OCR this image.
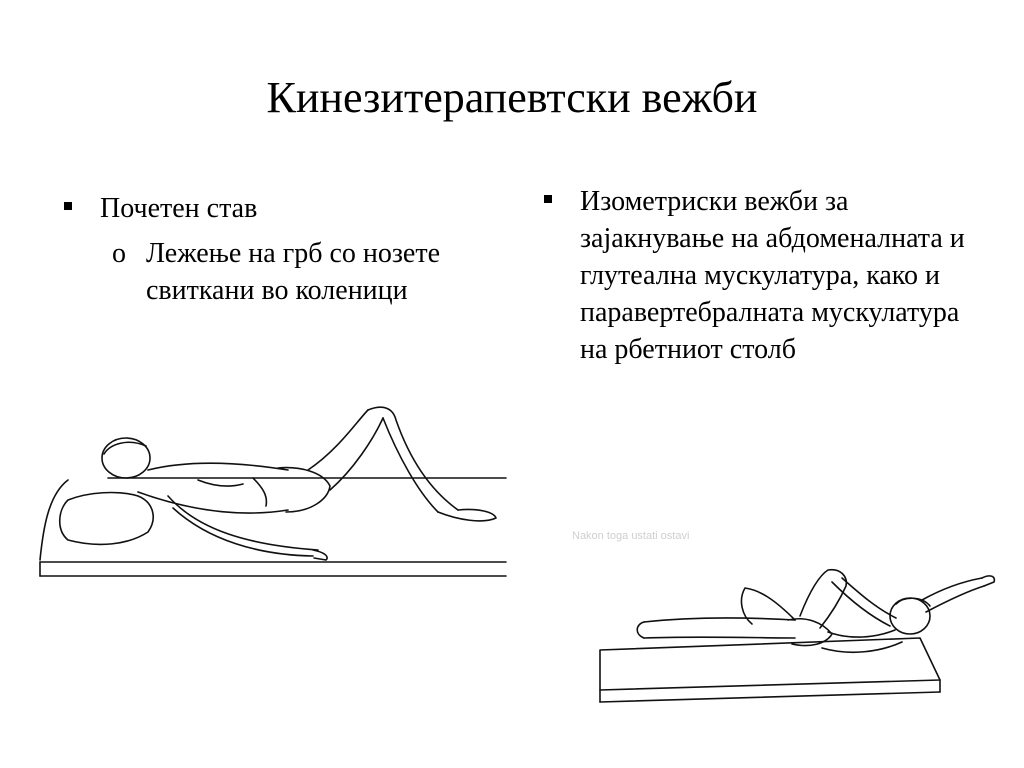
Кинезитерапевтски вежби
Почетен став
o Лежење на грб со нозете свиткани во коленици
Изометриски вежби за зајакнување на абдоменалната и глутеална мускулатура, како и паравертебралната мускулатура на рбетниот столб
Nakon toga ustati ostavi
